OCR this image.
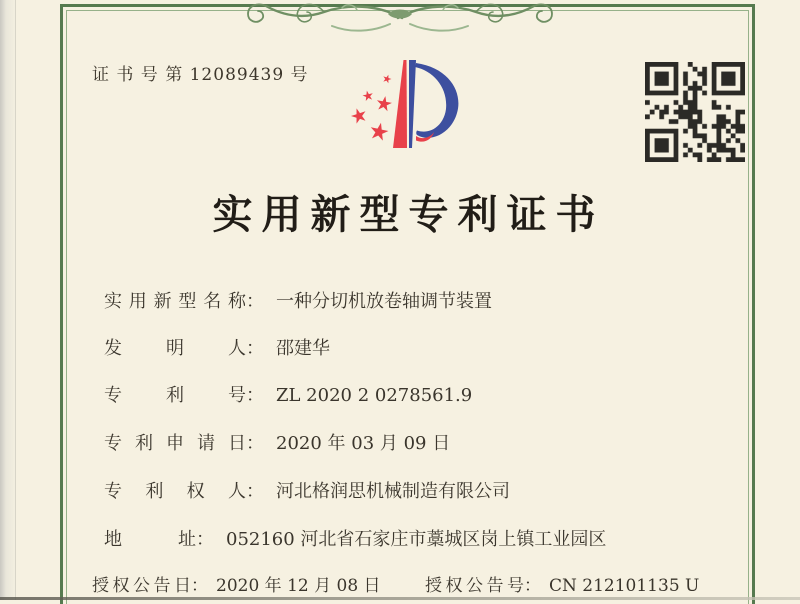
证 书 号 第 12089439 号
实用新型专利证书
实用新型名称： 一种分切机放卷轴调节装置
发明人： 邵建华
专利号： ZL 2020 2 0278561.9
专利申请日： 2020 年 03 月 09 日
专利权人： 河北格润思机械制造有限公司
地址： 052160 河北省石家庄市藁城区岗上镇工业园区
授权公告日： 2020 年 12 月 08 日	授权公告号： CN 212101135 U
